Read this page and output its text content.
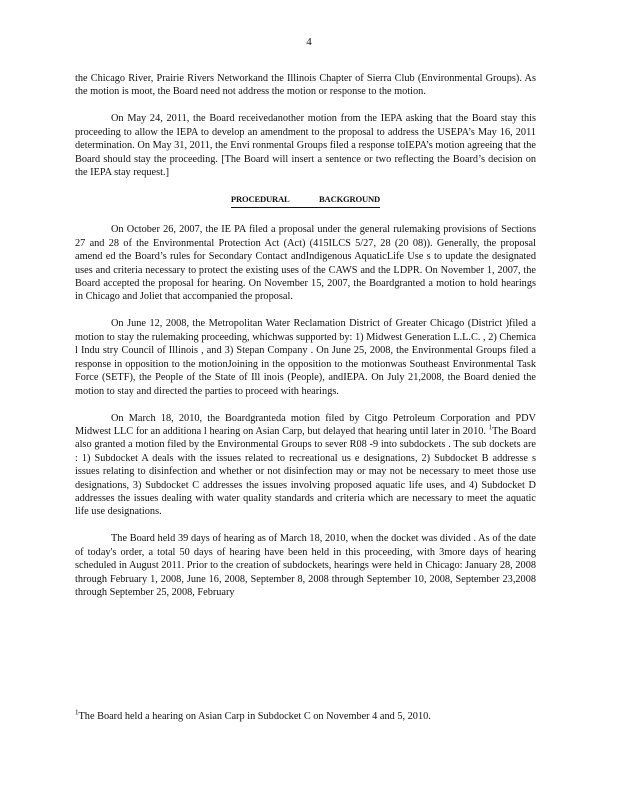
4

the Chicago River, Prairie Rivers Networkand the Illinois Chapter of Sierra Club (Environmental Groups). As the motion is moot, the Board need not address the motion or response to the motion.

On May 24, 2011, the Board receivedanother motion from the IEPA asking that the Board stay this proceeding to allow the IEPA to develop an amendment to the proposal to address the USEPA’s May 16, 2011 determination. On May 31, 2011, the Envi ronmental Groups filed a response toIEPA’s motion agreeing that the Board should stay the proceeding. [The Board will insert a sentence or two reflecting the Board’s decision on the IEPA stay request.]

PROCEDURAL BACKGROUND

On October 26, 2007, the IE PA filed a proposal under the general rulemaking provisions of Sections 27 and 28 of the Environmental Protection Act (Act) (415ILCS 5/27, 28 (20 08)). Generally, the proposal amend ed the Board’s rules for Secondary Contact andIndigenous AquaticLife Use s to update the designated uses and criteria necessary to protect the existing uses of the CAWS and the LDPR. On November 1, 2007, the Board accepted the proposal for hearing. On November 15, 2007, the Boardgranted a motion to hold hearings in Chicago and Joliet that accompanied the proposal.

On June 12, 2008, the Metropolitan Water Reclamation District of Greater Chicago (District )filed a motion to stay the rulemaking proceeding, whichwas supported by: 1) Midwest Generation L.L.C. , 2) Chemica l Indu stry Council of Illinois , and 3) Stepan Company . On June 25, 2008, the Environmental Groups filed a response in opposition to the motionJoining in the opposition to the motionwas Southeast Environmental Task Force (SETF), the People of the State of Ill inois (People), andIEPA. On July 21,2008, the Board denied the motion to stay and directed the parties to proceed with hearings.

On March 18, 2010, the Boardgranteda motion filed by Citgo Petroleum Corporation and PDV Midwest LLC for an additiona l hearing on Asian Carp, but delayed that hearing until later in 2010. $^1$The Board also granted a motion filed by the Environmental Groups to sever R08 -9 into subdockets . The sub dockets are : 1) Subdocket A deals with the issues related to recreational us e designations, 2) Subdocket B addresse s issues relating to disinfection and whether or not disinfection may or may not be necessary to meet those use designations, 3) Subdocket C addresses the issues involving proposed aquatic life uses, and 4) Subdocket D addresses the issues dealing with water quality standards and criteria which are necessary to meet the aquatic life use designations.

The Board held 39 days of hearing as of March 18, 2010, when the docket was divided . As of the date of today's order, a total 50 days of hearing have been held in this proceeding, with 3more days of hearing scheduled in August 2011. Prior to the creation of subdockets, hearings were held in Chicago: January 28, 2008 through February 1, 2008, June 16, 2008, September 8, 2008 through September 10, 2008, September 23,2008 through September 25, 2008, February

$^1$The Board held a hearing on Asian Carp in Subdocket C on November 4 and 5, 2010.
